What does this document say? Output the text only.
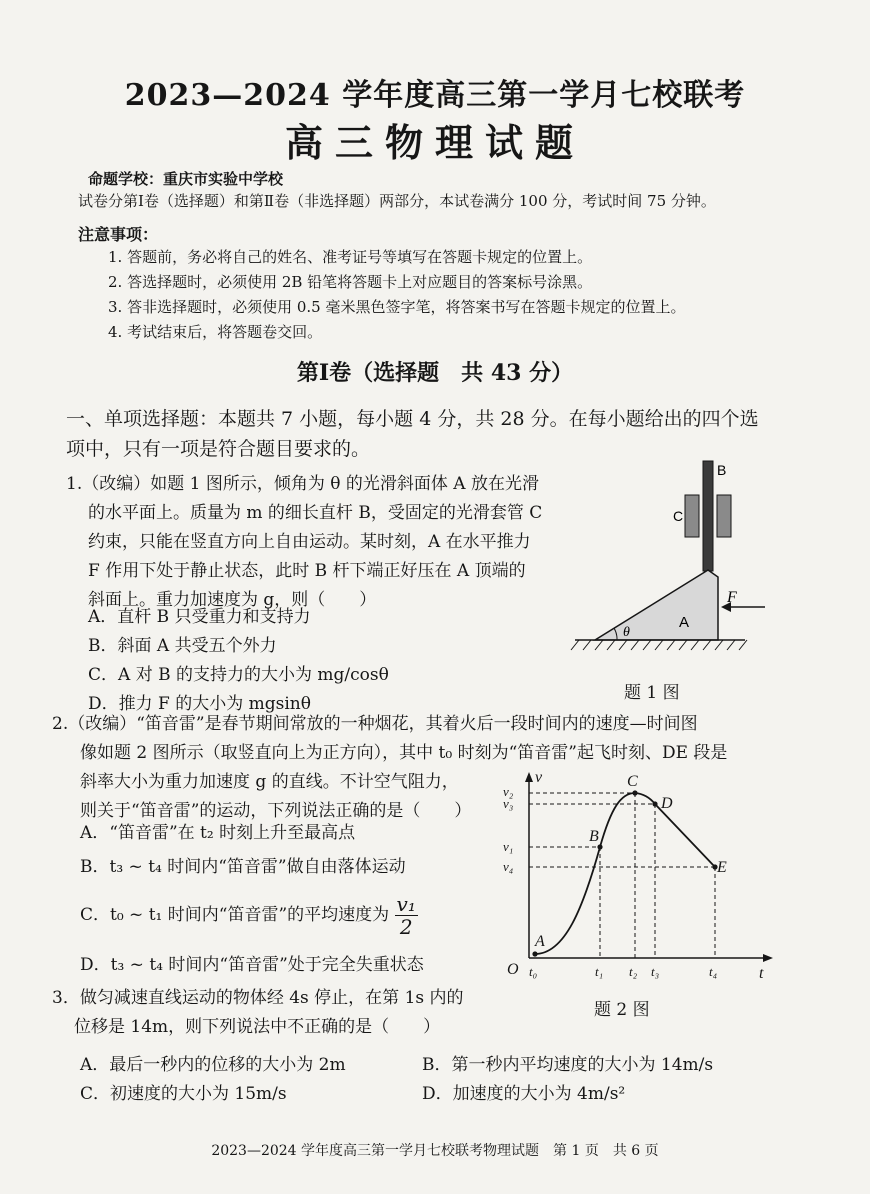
2023—2024 学年度高三第一学月七校联考
高三物理试题
命题学校：重庆市实验中学校
试卷分第Ⅰ卷（选择题）和第Ⅱ卷（非选择题）两部分，本试卷满分 100 分，考试时间 75 分钟。
注意事项：
1. 答题前，务必将自己的姓名、准考证号等填写在答题卡规定的位置上。
2. 答选择题时，必须使用 2B 铅笔将答题卡上对应题目的答案标号涂黑。
3. 答非选择题时，必须使用 0.5 毫米黑色签字笔，将答案书写在答题卡规定的位置上。
4. 考试结束后，将答题卷交回。
第Ⅰ卷（选择题　共 43 分）
一、单项选择题：本题共 7 小题，每小题 4 分，共 28 分。在每小题给出的四个选项中，只有一项是符合题目要求的。
1.（改编）如题 1 图所示，倾角为 θ 的光滑斜面体 A 放在光滑
的水平面上。质量为 m 的细长直杆 B，受固定的光滑套管 C
约束，只能在竖直方向上自由运动。某时刻，A 在水平推力
F 作用下处于静止状态，此时 B 杆下端正好压在 A 顶端的
斜面上。重力加速度为 g，则（　　）
A．直杆 B 只受重力和支持力
B．斜面 A 共受五个外力
C．A 对 B 的支持力的大小为 mg/cosθ
D．推力 F 的大小为 mgsinθ
B
C
A
F
θ
题 1 图
2.（改编）“笛音雷”是春节期间常放的一种烟花，其着火后一段时间内的速度—时间图
像如题 2 图所示（取竖直向上为正方向），其中 t₀ 时刻为“笛音雷”起飞时刻、DE 段是
斜率大小为重力加速度 g 的直线。不计空气阻力，
则关于“笛音雷”的运动，下列说法正确的是（　　）
A．“笛音雷”在 t₂ 时刻上升至最高点
B．t₃ ~ t₄ 时间内“笛音雷”做自由落体运动
C．t₀ ~ t₁ 时间内“笛音雷”的平均速度为 $\frac{\text{v₁}}{2}$
D．t₃ ~ t₄ 时间内“笛音雷”处于完全失重状态
v
t
O
A
B
C
D
E
v₂
v₃
v₁
v₄
t₀	t₁ t₂ t₃	t₄
题 2 图
3．做匀减速直线运动的物体经 4s 停止，在第 1s 内的
位移是 14m，则下列说法中不正确的是（　　）
A．最后一秒内的位移的大小为 2m	B．第一秒内平均速度的大小为 14m/s
C．初速度的大小为 15m/s	D．加速度的大小为 4m/s²
2023—2024 学年度高三第一学月七校联考物理试题　第 1 页　共 6 页
